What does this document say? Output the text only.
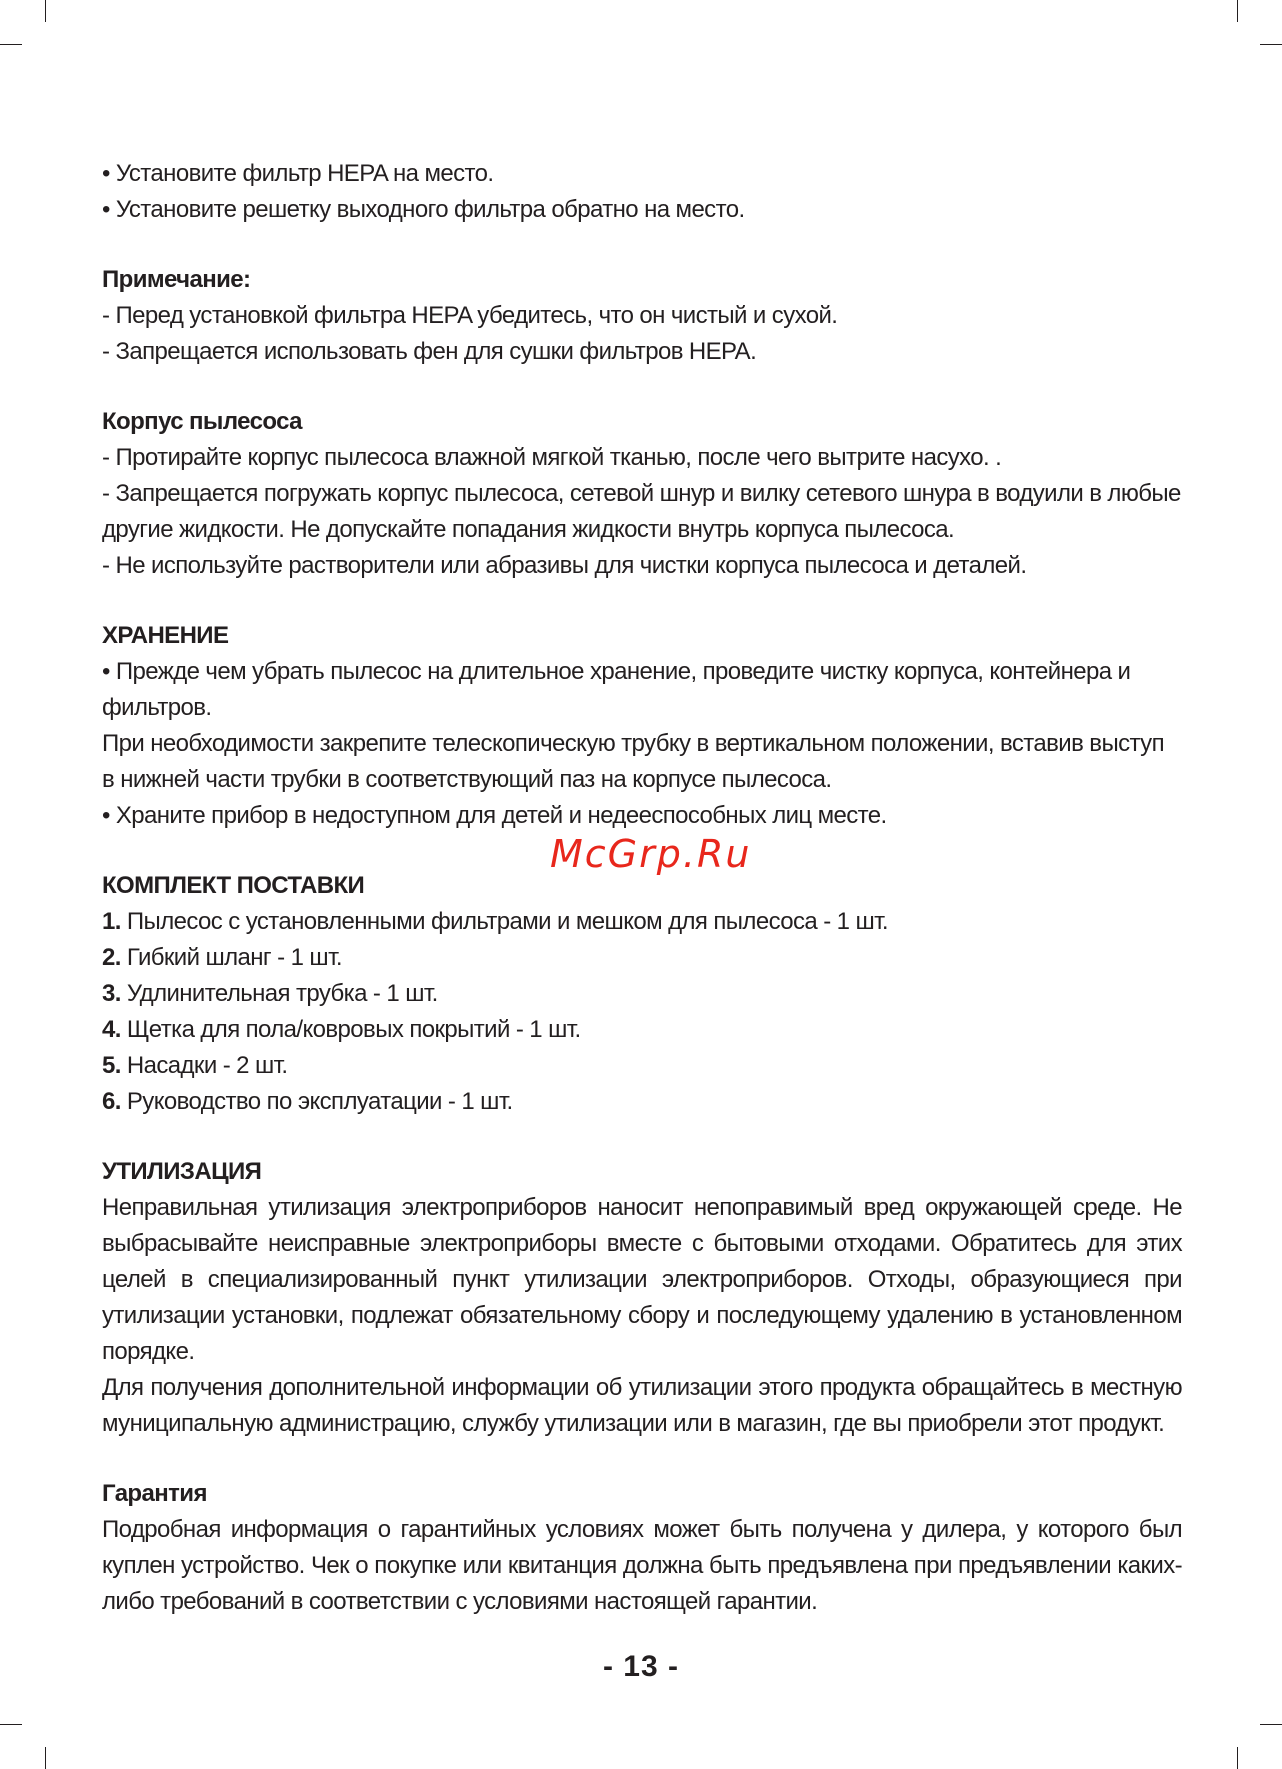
• Установите фильтр HEPA на место.

• Установите решетку выходного фильтра обратно на место.

Примечание:

- Перед установкой фильтра HEPA убедитесь, что он чистый и сухой.

- Запрещается использовать фен для сушки фильтров HEPA.

Корпус пылесоса

- Протирайте корпус пылесоса влажной мягкой тканью, после чего вытрите насухо. .

- Запрещается погружать корпус пылесоса, сетевой шнур и вилку сетевого шнура в водуили в любые другие жидкости. Не допускайте попадания жидкости внутрь корпуса пылесоса.

- Не используйте растворители или абразивы для чистки корпуса пылесоса и деталей.

ХРАНЕНИЕ

• Прежде чем убрать пылесос на длительное хранение, проведите чистку корпуса, контейнера и фильтров.

При необходимости закрепите телескопическую трубку в вертикальном положении, вставив выступ в нижней части трубки в соответствующий паз на корпусе пылесоса.

• Храните прибор в недоступном для детей и недееспособных лиц месте.

КОМПЛЕКТ ПОСТАВКИ

1. Пылесос с установленными фильтрами и мешком для пылесоса - 1 шт.

2. Гибкий шланг - 1 шт.

3. Удлинительная трубка - 1 шт.

4. Щетка для пола/ковровых покрытий - 1 шт.

5. Насадки - 2 шт.

6. Руководство по эксплуатации - 1 шт.

УТИЛИЗАЦИЯ

Неправильная утилизация электроприборов наносит непоправимый вред окружающей среде. Не выбрасывайте неисправные электроприборы вместе с бытовыми отходами. Обратитесь для этих целей в специализированный пункт утилизации электроприборов. Отходы, образующиеся при утилизации установки, подлежат обязательному сбору и последующему удалению в установленном порядке.

Для получения дополнительной информации об утилизации этого продукта обращайтесь в местную муниципальную администрацию, службу утилизации или в магазин, где вы приобрели этот продукт.

Гарантия

Подробная информация о гарантийных условиях может быть получена у дилера, у которого был куплен устройство. Чек о покупке или квитанция должна быть предъявлена при предъявлении каких-либо требований в соответствии с условиями настоящей гарантии.

McGrp.Ru
- 13 -
